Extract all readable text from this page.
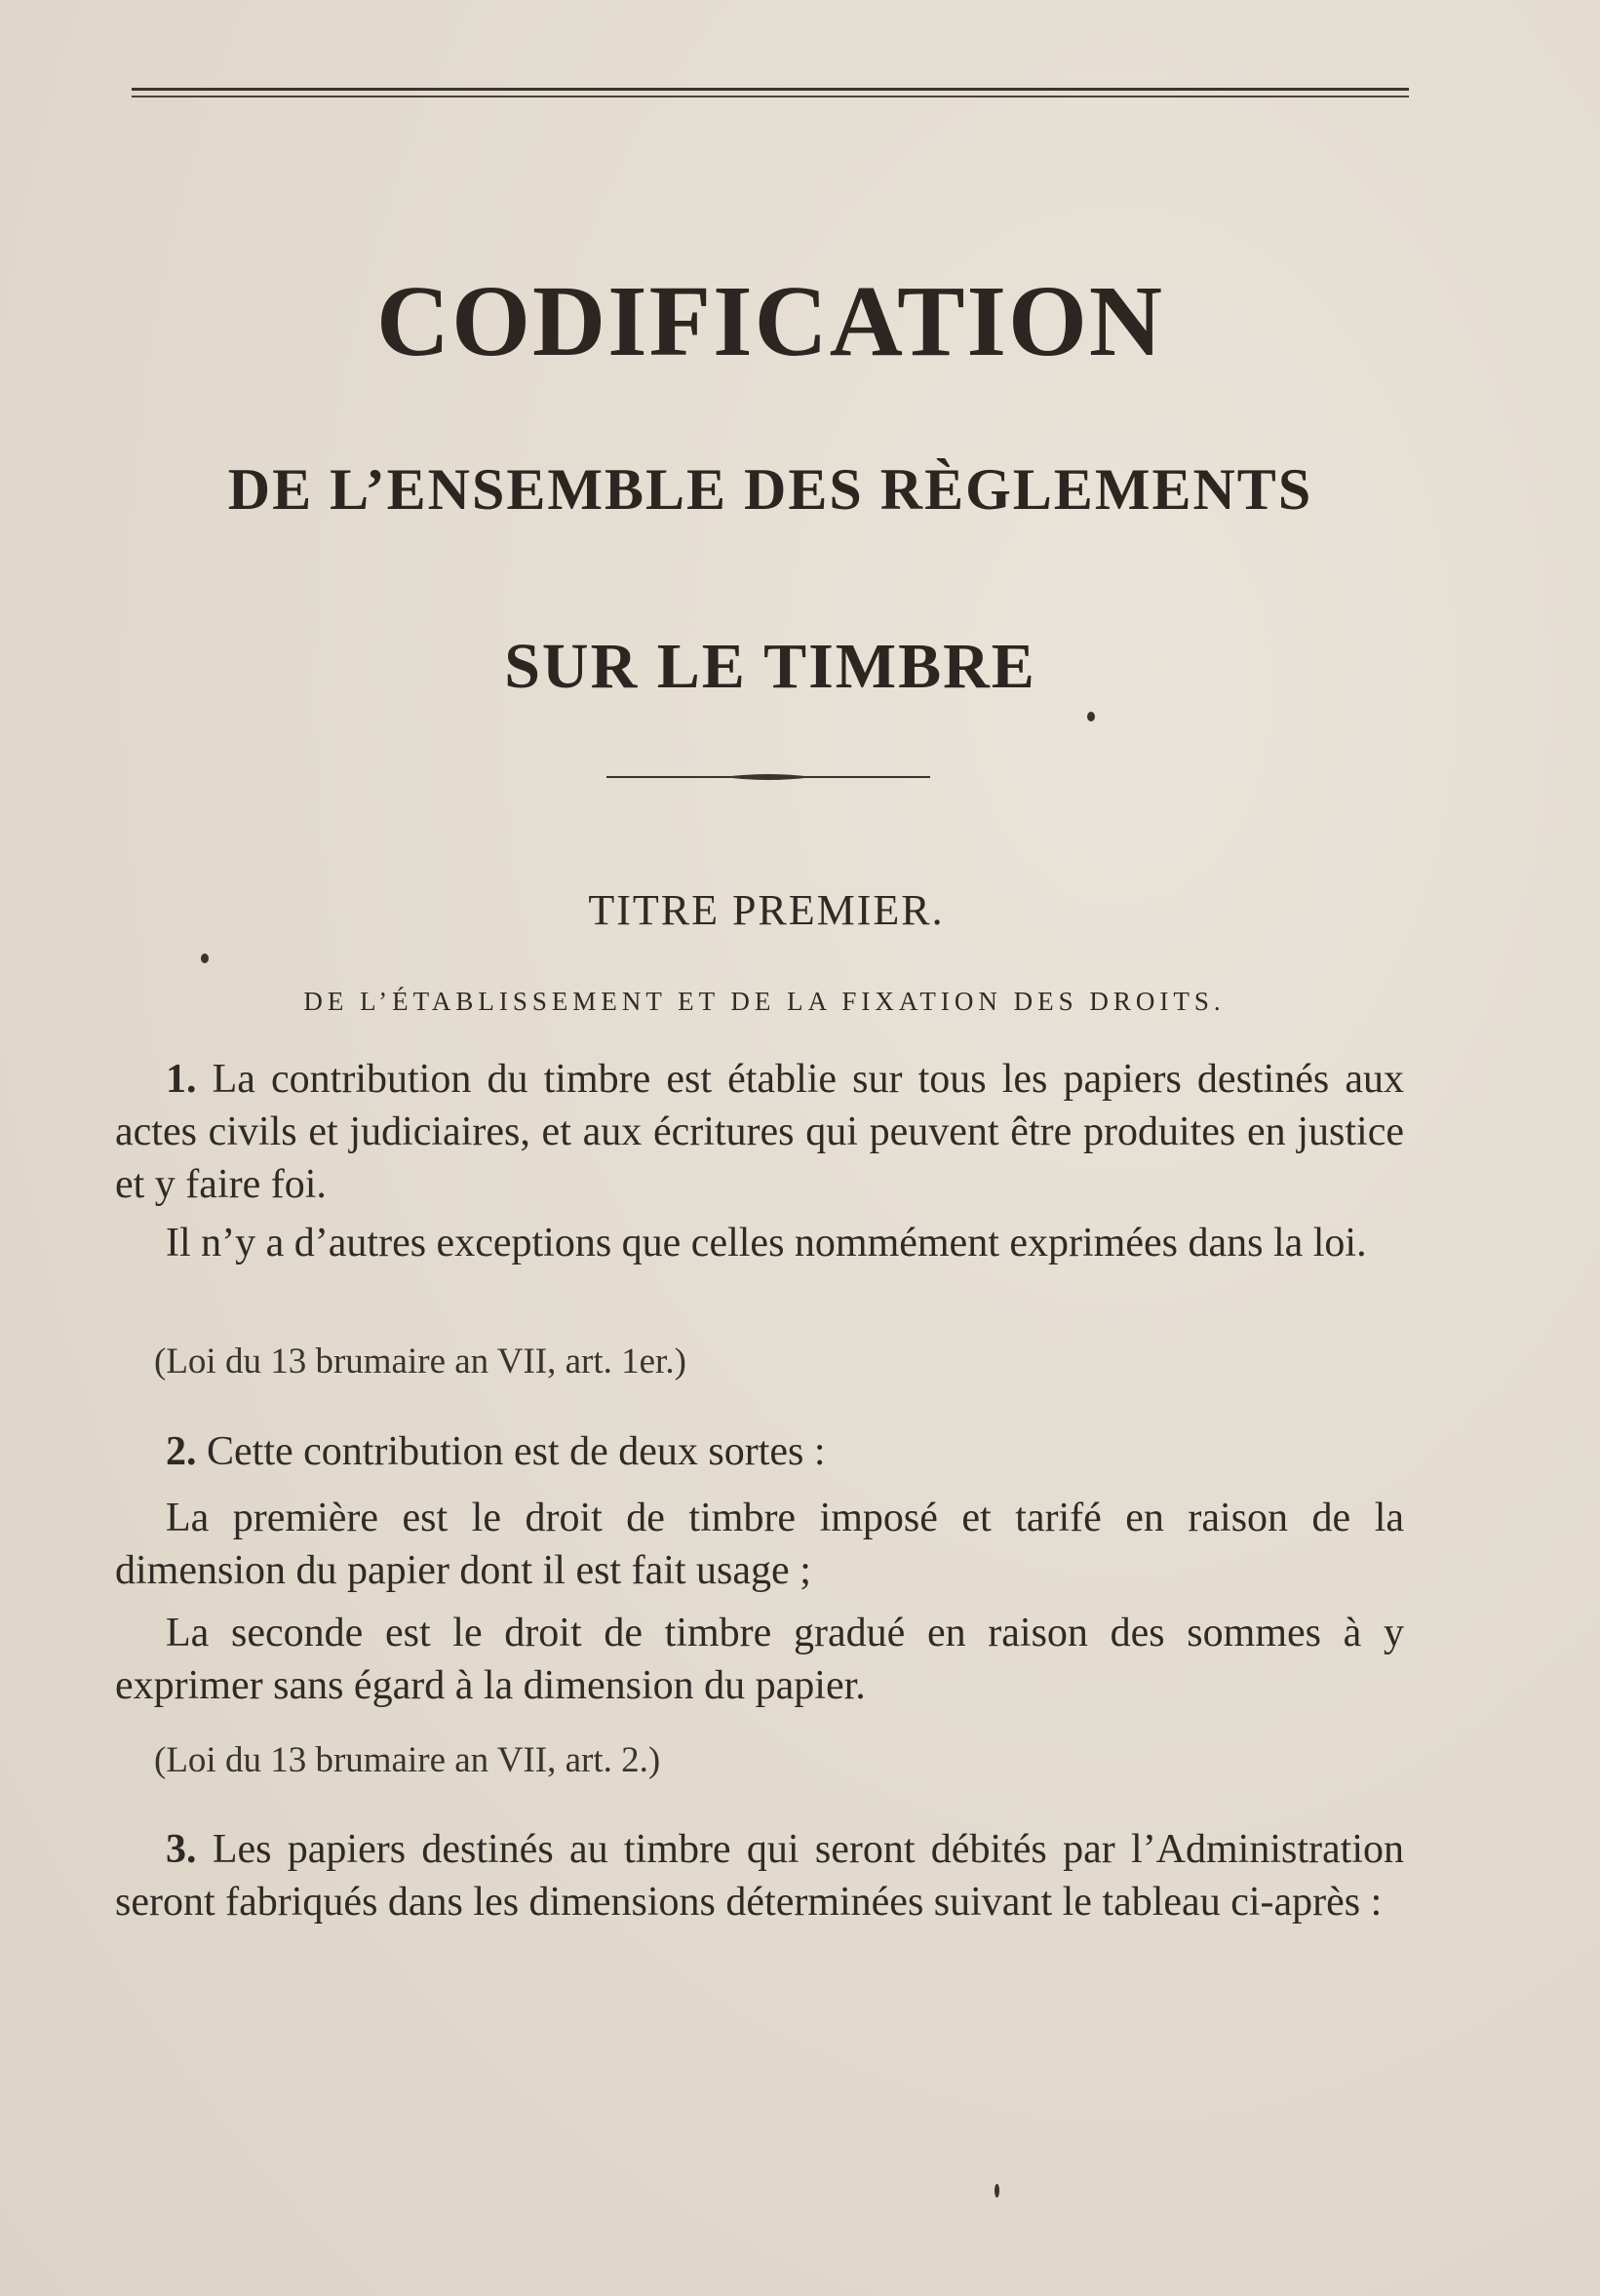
CODIFICATION
DE L’ENSEMBLE DES RÈGLEMENTS
SUR LE TIMBRE
TITRE PREMIER.
DE L’ÉTABLISSEMENT ET DE LA FIXATION DES DROITS.
1. La contribution du timbre est établie sur tous les papiers destinés aux actes civils et judiciaires, et aux écritures qui peuvent être produites en justice et y faire foi.
Il n’y a d’autres exceptions que celles nommément exprimées dans la loi.
(Loi du 13 brumaire an VII, art. 1er.)
2. Cette contribution est de deux sortes :
La première est le droit de timbre imposé et tarifé en raison de la dimension du papier dont il est fait usage ;
La seconde est le droit de timbre gradué en raison des sommes à y exprimer sans égard à la dimension du papier.
(Loi du 13 brumaire an VII, art. 2.)
3. Les papiers destinés au timbre qui seront débités par l’Administration seront fabriqués dans les dimensions déterminées suivant le tableau ci-après :
